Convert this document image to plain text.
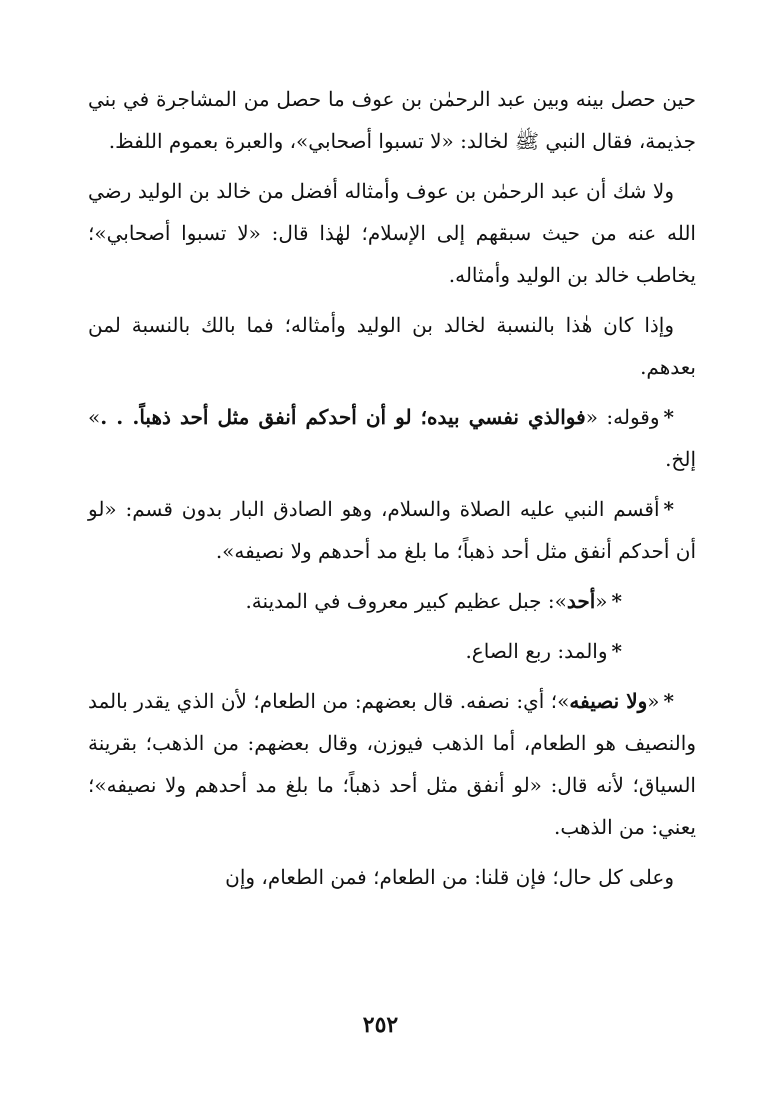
حين حصل بينه وبين عبد الرحمٰن بن عوف ما حصل من المشاجرة في بني جذيمة، فقال النبي ﷺ لخالد: «لا تسبوا أصحابي»، والعبرة بعموم اللفظ.

ولا شك أن عبد الرحمٰن بن عوف وأمثاله أفضل من خالد بن الوليد رضي الله عنه من حيث سبقهم إلى الإسلام؛ لهٰذا قال: «لا تسبوا أصحابي»؛ يخاطب خالد بن الوليد وأمثاله.

وإذا كان هٰذا بالنسبة لخالد بن الوليد وأمثاله؛ فما بالك بالنسبة لمن بعدهم.

*وقوله: «فوالذي نفسي بيده؛ لو أن أحدكم أنفق مثل أحد ذهباً. . .» إلخ.

*أقسم النبي عليه الصلاة والسلام، وهو الصادق البار بدون قسم: «لو أن أحدكم أنفق مثل أحد ذهباً؛ ما بلغ مد أحدهم ولا نصيفه».

*«أحد»: جبل عظيم كبير معروف في المدينة.

*والمد: ربع الصاع.

*«ولا نصيفه»؛ أي: نصفه. قال بعضهم: من الطعام؛ لأن الذي يقدر بالمد والنصيف هو الطعام، أما الذهب فيوزن، وقال بعضهم: من الذهب؛ بقرينة السياق؛ لأنه قال: «لو أنفق مثل أحد ذهباً؛ ما بلغ مد أحدهم ولا نصيفه»؛ يعني: من الذهب.

وعلى كل حال؛ فإن قلنا: من الطعام؛ فمن الطعام، وإن

٢٥٢
